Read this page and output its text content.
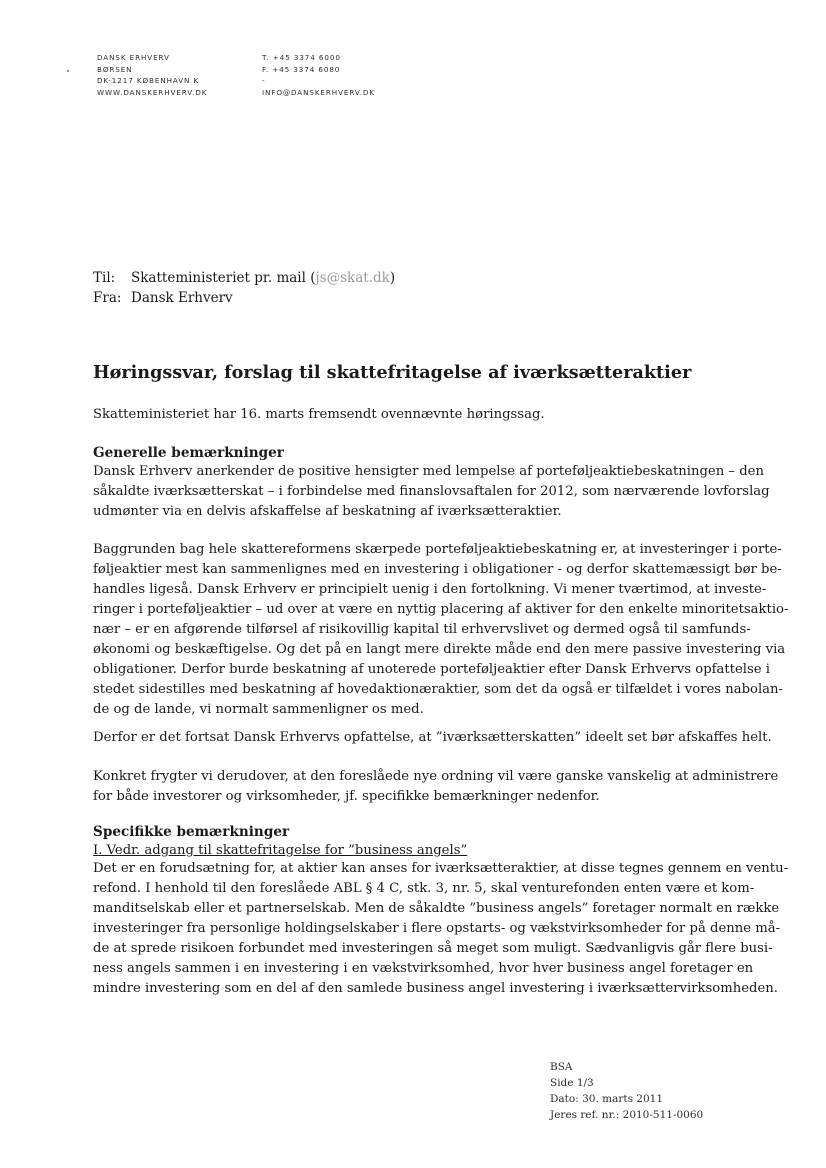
DANSK ERHVERV
BØRSEN
DK-1217 KØBENHAVN K
WWW.DANSKERHVERV.DK
T. +45 3374 6000
F. +45 3374 6080
-
INFO@DANSKERHVERV.DK
Til: Skatteministeriet pr. mail (js@skat.dk)
Fra: Dansk Erhverv
Høringssvar, forslag til skattefritagelse af iværksætteraktier

Skatteministeriet har 16. marts fremsendt ovennævnte høringssag.

Generelle bemærkninger

Dansk Erhverv anerkender de positive hensigter med lempelse af porteføljeaktiebeskatningen – den
såkaldte iværksætterskat – i forbindelse med finanslovsaftalen for 2012, som nærværende lovforslag
udmønter via en delvis afskaffelse af beskatning af iværksætteraktier.

Baggrunden bag hele skattereformens skærpede porteføljeaktiebeskatning er, at investeringer i porte-
føljeaktier mest kan sammenlignes med en investering i obligationer - og derfor skattemæssigt bør be-
handles ligeså. Dansk Erhverv er principielt uenig i den fortolkning. Vi mener tværtimod, at investe-
ringer i porteføljeaktier – ud over at være en nyttig placering af aktiver for den enkelte minoritetsaktio-
nær – er en afgørende tilførsel af risikovillig kapital til erhvervslivet og dermed også til samfunds-
økonomi og beskæftigelse. Og det på en langt mere direkte måde end den mere passive investering via
obligationer. Derfor burde beskatning af unoterede porteføljeaktier efter Dansk Erhvervs opfattelse i
stedet sidestilles med beskatning af hovedaktionæraktier, som det da også er tilfældet i vores nabolan-
de og de lande, vi normalt sammenligner os med.

Derfor er det fortsat Dansk Erhvervs opfattelse, at ”iværksætterskatten” ideelt set bør afskaffes helt.

Konkret frygter vi derudover, at den foreslåede nye ordning vil være ganske vanskelig at administrere
for både investorer og virksomheder, jf. specifikke bemærkninger nedenfor.

Specifikke bemærkninger
I. Vedr. adgang til skattefritagelse for ”business angels”

Det er en forudsætning for, at aktier kan anses for iværksætteraktier, at disse tegnes gennem en ventu-
refond. I henhold til den foreslåede ABL § 4 C, stk. 3, nr. 5, skal venturefonden enten være et kom-
manditselskab eller et partnerselskab. Men de såkaldte ”business angels” foretager normalt en række
investeringer fra personlige holdingselskaber i flere opstarts- og vækstvirksomheder for på denne må-
de at sprede risikoen forbundet med investeringen så meget som muligt. Sædvanligvis går flere busi-
ness angels sammen i en investering i en vækstvirksomhed, hvor hver business angel foretager en
mindre investering som en del af den samlede business angel investering i iværksættervirksomheden.

BSA
Side 1/3
Dato: 30. marts 2011
Jeres ref. nr.: 2010-511-0060
